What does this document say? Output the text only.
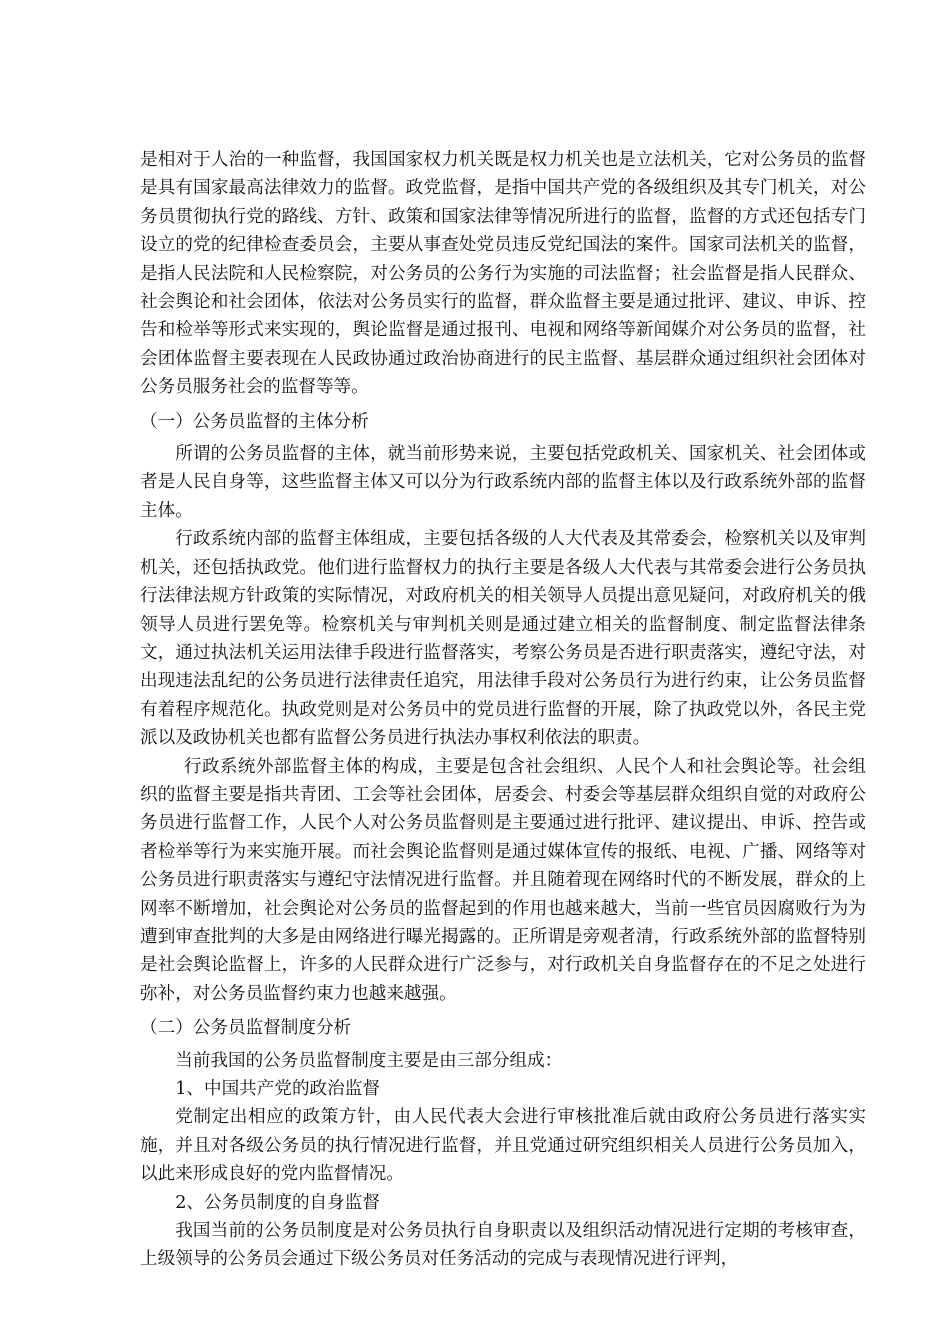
是相对于人治的一种监督，我国国家权力机关既是权力机关也是立法机关，它对公务员的监督是具有国家最高法律效力的监督。政党监督，是指中国共产党的各级组织及其专门机关，对公务员贯彻执行党的路线、方针、政策和国家法律等情况所进行的监督，监督的方式还包括专门设立的党的纪律检查委员会，主要从事查处党员违反党纪国法的案件。国家司法机关的监督，是指人民法院和人民检察院，对公务员的公务行为实施的司法监督；社会监督是指人民群众、社会舆论和社会团体，依法对公务员实行的监督，群众监督主要是通过批评、建议、申诉、控告和检举等形式来实现的，舆论监督是通过报刊、电视和网络等新闻媒介对公务员的监督，社会团体监督主要表现在人民政协通过政治协商进行的民主监督、基层群众通过组织社会团体对公务员服务社会的监督等等。

（一）公务员监督的主体分析

所谓的公务员监督的主体，就当前形势来说，主要包括党政机关、国家机关、社会团体或者是人民自身等，这些监督主体又可以分为行政系统内部的监督主体以及行政系统外部的监督主体。

行政系统内部的监督主体组成，主要包括各级的人大代表及其常委会，检察机关以及审判机关，还包括执政党。他们进行监督权力的执行主要是各级人大代表与其常委会进行公务员执行法律法规方针政策的实际情况，对政府机关的相关领导人员提出意见疑问，对政府机关的俄领导人员进行罢免等。检察机关与审判机关则是通过建立相关的监督制度、制定监督法律条文，通过执法机关运用法律手段进行监督落实，考察公务员是否进行职责落实，遵纪守法，对出现违法乱纪的公务员进行法律责任追究，用法律手段对公务员行为进行约束，让公务员监督有着程序规范化。执政党则是对公务员中的党员进行监督的开展，除了执政党以外，各民主党派以及政协机关也都有监督公务员进行执法办事权利依法的职责。

行政系统外部监督主体的构成，主要是包含社会组织、人民个人和社会舆论等。社会组织的监督主要是指共青团、工会等社会团体，居委会、村委会等基层群众组织自觉的对政府公务员进行监督工作，人民个人对公务员监督则是主要通过进行批评、建议提出、申诉、控告或者检举等行为来实施开展。而社会舆论监督则是通过媒体宣传的报纸、电视、广播、网络等对公务员进行职责落实与遵纪守法情况进行监督。并且随着现在网络时代的不断发展，群众的上网率不断增加，社会舆论对公务员的监督起到的作用也越来越大，当前一些官员因腐败行为为遭到审查批判的大多是由网络进行曝光揭露的。正所谓是旁观者清，行政系统外部的监督特别是社会舆论监督上，许多的人民群众进行广泛参与，对行政机关自身监督存在的不足之处进行弥补，对公务员监督约束力也越来越强。

（二）公务员监督制度分析

当前我国的公务员监督制度主要是由三部分组成：

1、中国共产党的政治监督

党制定出相应的政策方针，由人民代表大会进行审核批准后就由政府公务员进行落实实施，并且对各级公务员的执行情况进行监督，并且党通过研究组织相关人员进行公务员加入，以此来形成良好的党内监督情况。

2、公务员制度的自身监督

我国当前的公务员制度是对公务员执行自身职责以及组织活动情况进行定期的考核审查，上级领导的公务员会通过下级公务员对任务活动的完成与表现情况进行评判，
